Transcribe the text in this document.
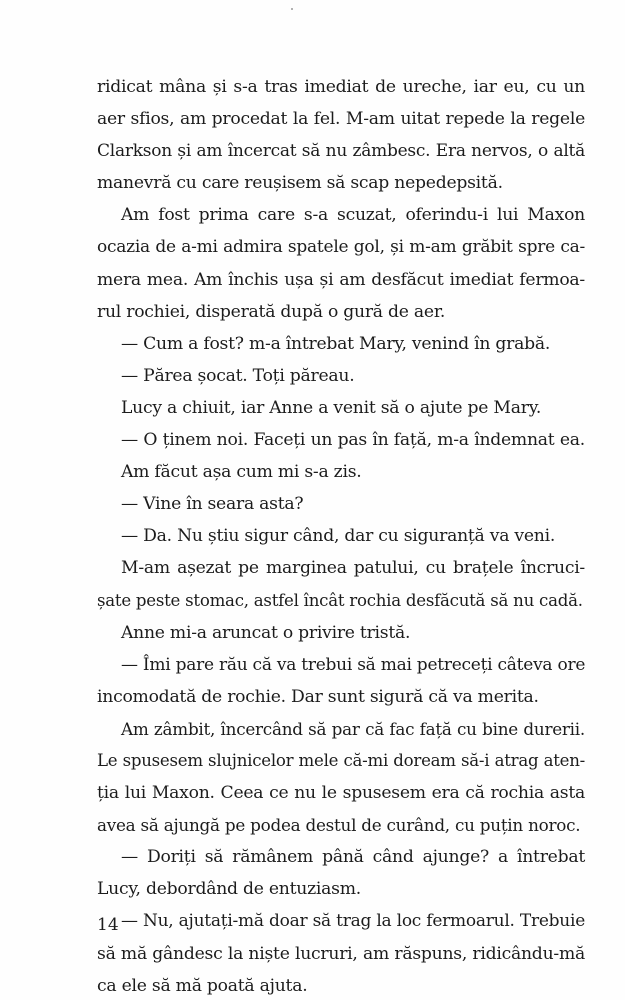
ridicat mâna și s-a tras imediat de ureche, iar eu, cu un
aer sfios, am procedat la fel. M-am uitat repede la regele
Clarkson și am încercat să nu zâmbesc. Era nervos, o altă
manevră cu care reușisem să scap nepedepsită.
Am fost prima care s-a scuzat, oferindu-i lui Maxon
ocazia de a-mi admira spatele gol, și m-am grăbit spre ca-
mera mea. Am închis ușa și am desfăcut imediat fermoa-
rul rochiei, disperată după o gură de aer.
— Cum a fost? m-a întrebat Mary, venind în grabă.
— Părea șocat. Toți păreau.
Lucy a chiuit, iar Anne a venit să o ajute pe Mary.
— O ținem noi. Faceți un pas în față, m-a îndemnat ea.
Am făcut așa cum mi s-a zis.
— Vine în seara asta?
— Da. Nu știu sigur când, dar cu siguranță va veni.
M-am așezat pe marginea patului, cu brațele încruci-
șate peste stomac, astfel încât rochia desfăcută să nu cadă.
Anne mi-a aruncat o privire tristă.
— Îmi pare rău că va trebui să mai petreceți câteva ore
incomodată de rochie. Dar sunt sigură că va merita.
Am zâmbit, încercând să par că fac față cu bine durerii.
Le spusesem slujnicelor mele că-mi doream să-i atrag aten-
ția lui Maxon. Ceea ce nu le spusesem era că rochia asta
avea să ajungă pe podea destul de curând, cu puțin noroc.
— Doriți să rămânem până când ajunge? a întrebat
Lucy, debordând de entuziasm.
— Nu, ajutați-mă doar să trag la loc fermoarul. Trebuie
să mă gândesc la niște lucruri, am răspuns, ridicându-mă
ca ele să mă poată ajuta.
14
